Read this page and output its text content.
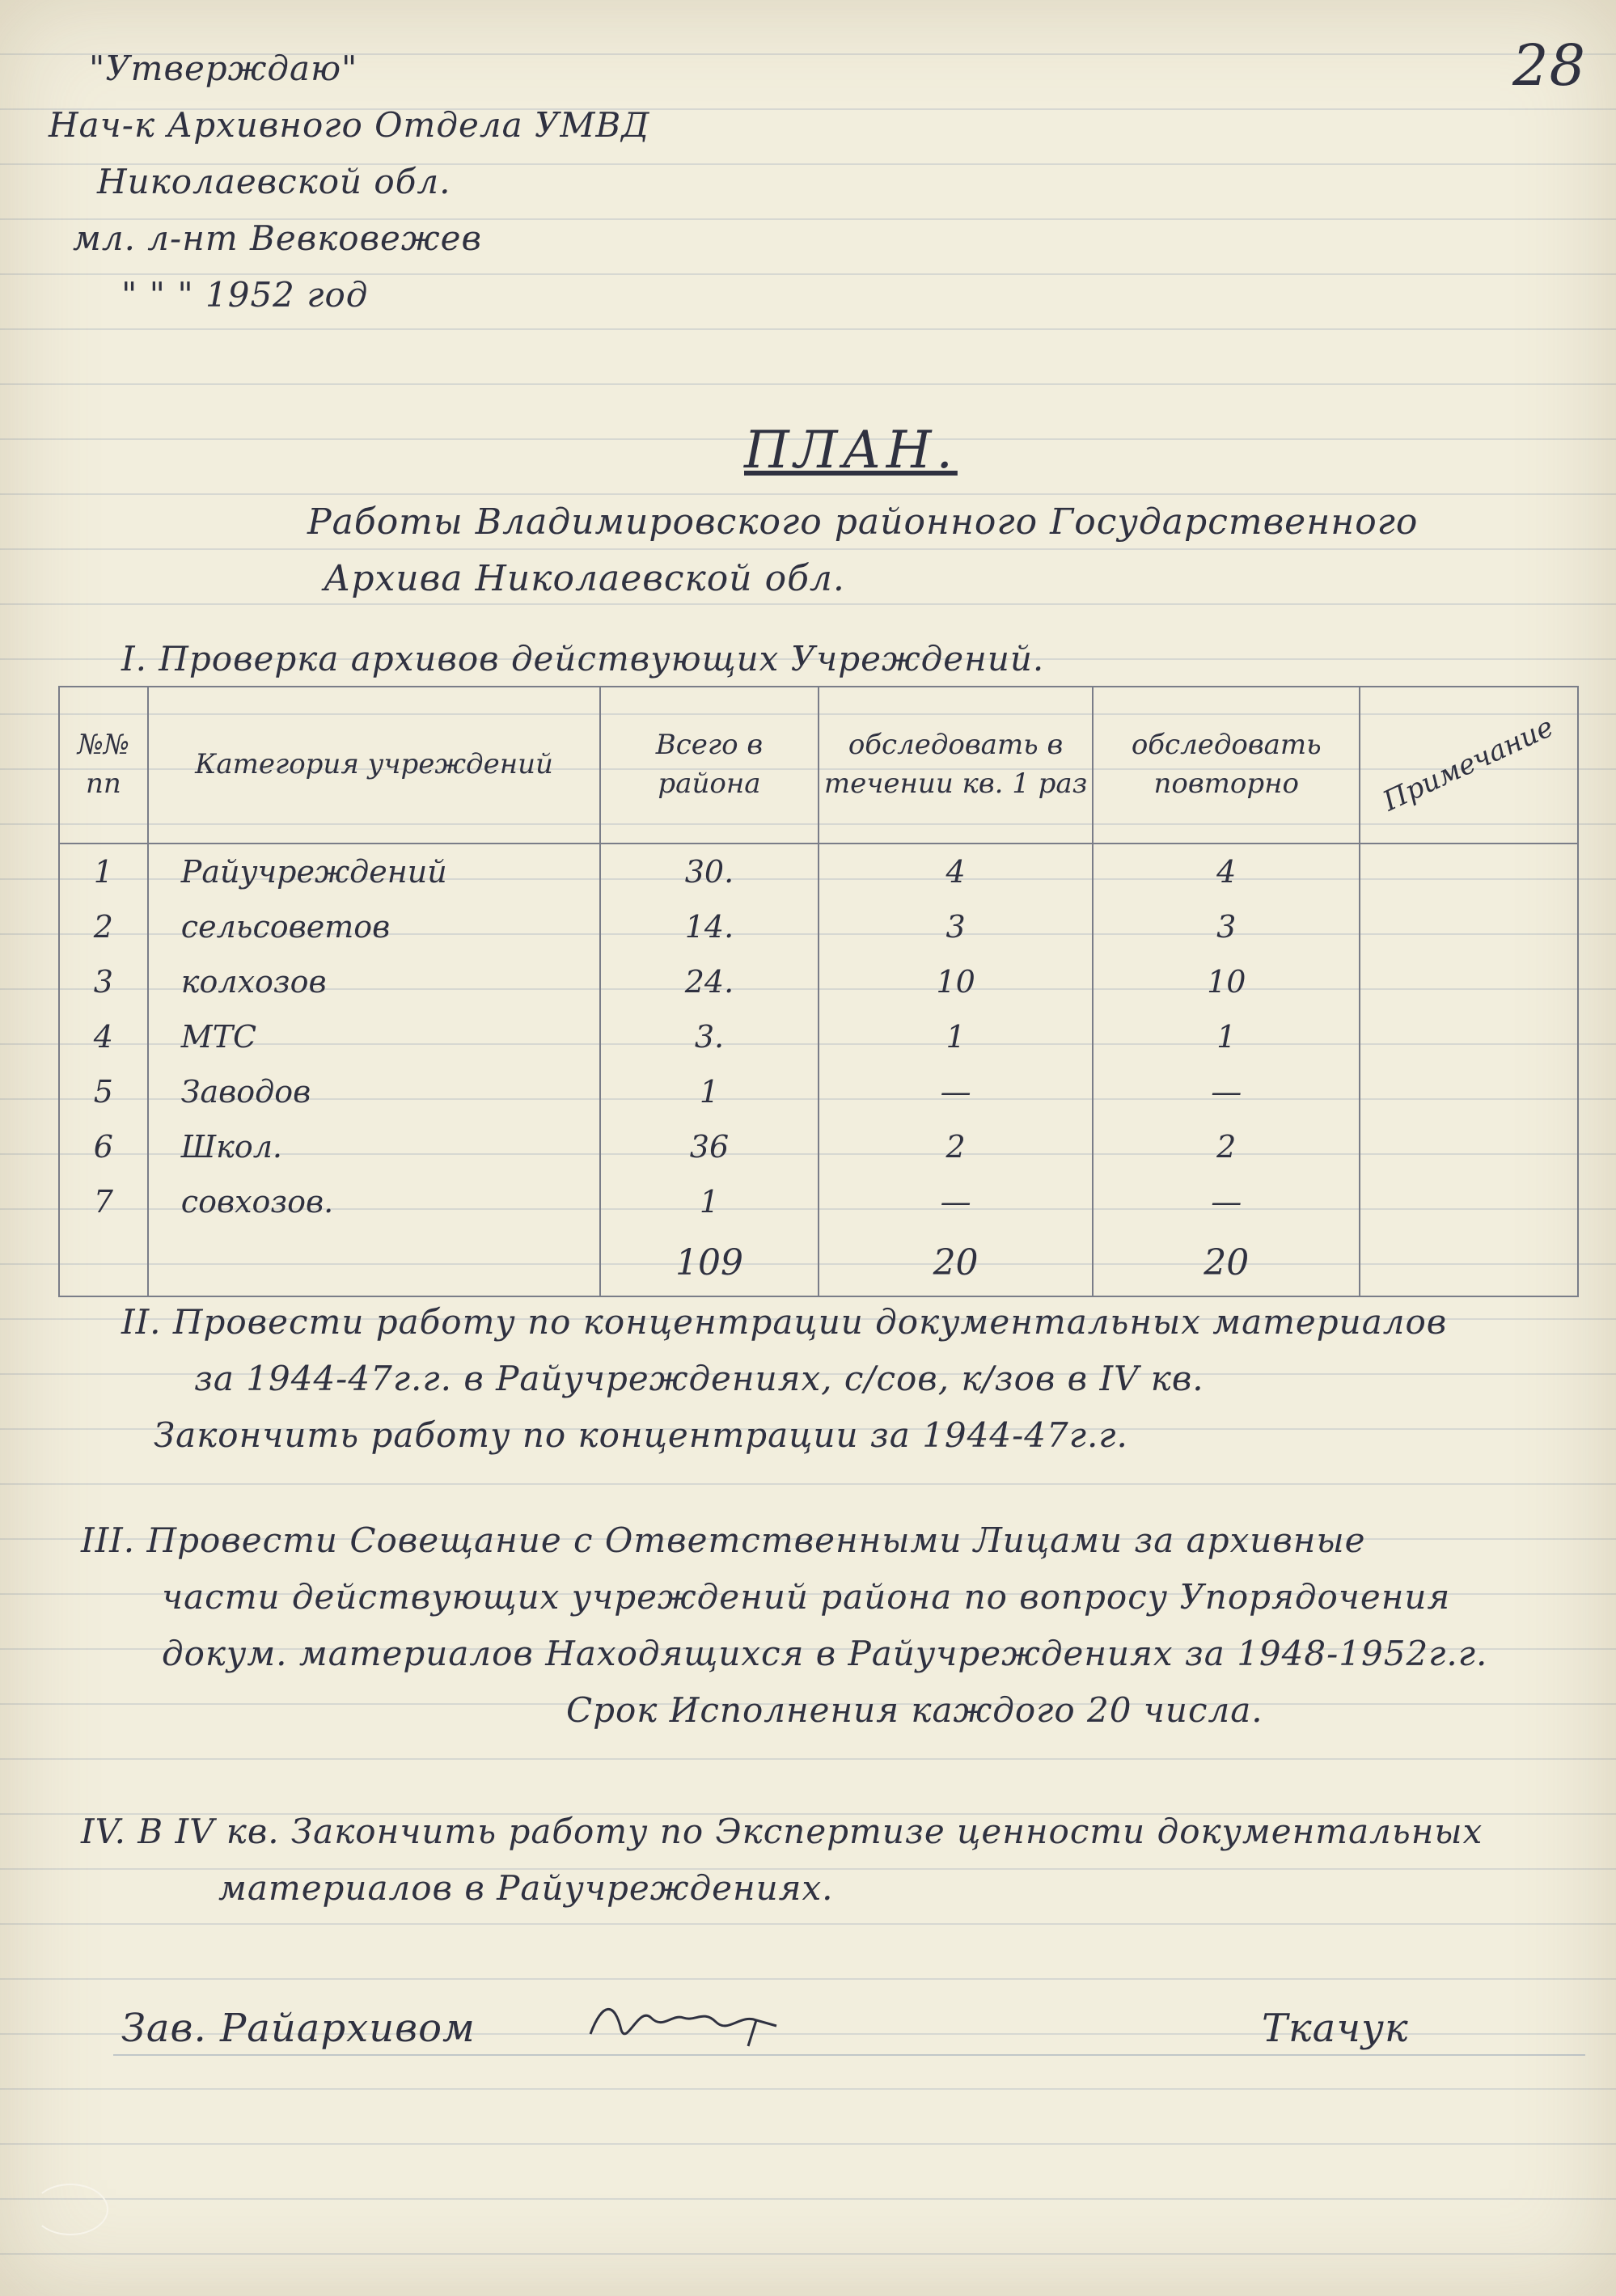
28
"Утверждаю"
Нач-к Архивного Отдела УМВД
Николаевской обл.
мл. л-нт Вевковежев
" " " 1952 год
ПЛАН.
Работы Владимировского районного Государственного
Архива Николаевской обл.
I. Проверка архивов действующих Учреждений.
№№ пп	Категория учреждений	Всего в района	обследовать в течении кв. 1 раз	обследовать повторно	Примечание
1	Райучреждений	30.	4	4	
2	сельсоветов	14.	3	3	
3	колхозов	24.	10	10	
4	МТС	3.	1	1	
5	Заводов	1	—	—	
6	Школ.	36	2	2	
7	совхозов.	1	—	—	
		109	20	20	
II. Провести работу по концентрации документальных материалов
за 1944-47г.г. в Райучреждениях, с/сов, к/зов в IV кв.
Закончить работу по концентрации за 1944-47г.г.
III. Провести Совещание с Ответственными Лицами за архивные
части действующих учреждений района по вопросу Упорядочения
докум. материалов Находящихся в Райучреждениях за 1948-1952г.г.
Срок Исполнения каждого 20 числа.
IV. В IV кв. Закончить работу по Экспертизе ценности документальных
материалов в Райучреждениях.
Зав. Райархивом	Ткачук
